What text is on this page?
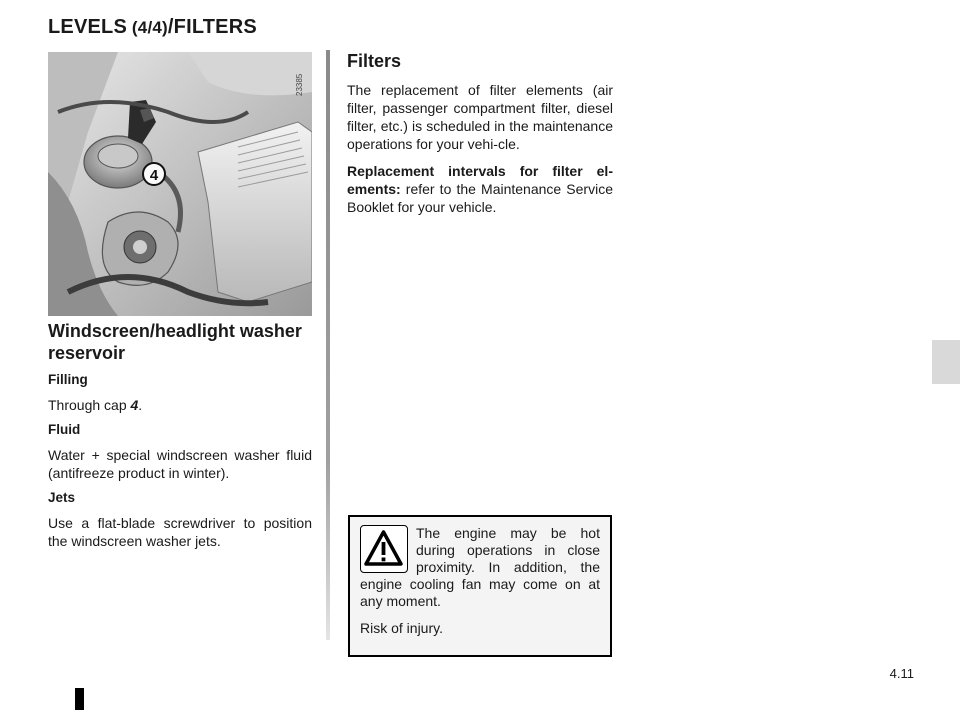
LEVELS (4/4)/FILTERS
4
23385
Windscreen/headlight washer reservoir

Filling

Through cap 4.

Fluid

Water + special windscreen washer fluid (antifreeze product in winter).

Jets

Use a flat-blade screwdriver to position the windscreen washer jets.

Filters

The replacement of filter elements (air filter, passenger compartment filter, diesel filter, etc.) is scheduled in the maintenance operations for your vehi-cle.

Replacement intervals for filter el-ements: refer to the Maintenance Service Booklet for your vehicle.

The engine may be hot during operations in close proximity. In addition, the engine cooling fan may come on at any moment.

Risk of injury.

4.11
